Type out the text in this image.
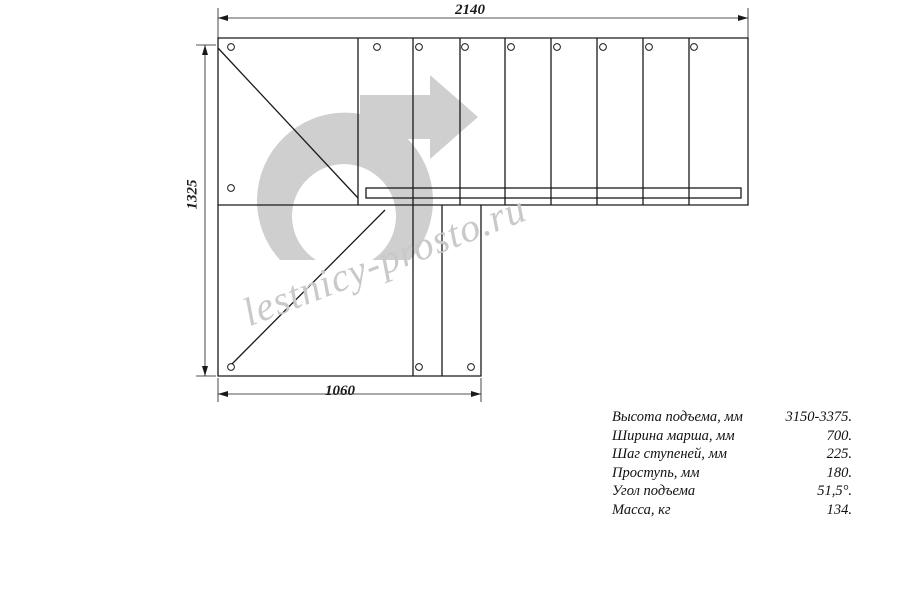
lestnicy-prosto.ru
2140
1325
1060
Высота подъема, мм	3150-3375.
Ширина марша, мм	700.
Шаг ступеней, мм	225.
Проступь, мм	180.
Угол подъема	51,5°.
Масса, кг	134.
